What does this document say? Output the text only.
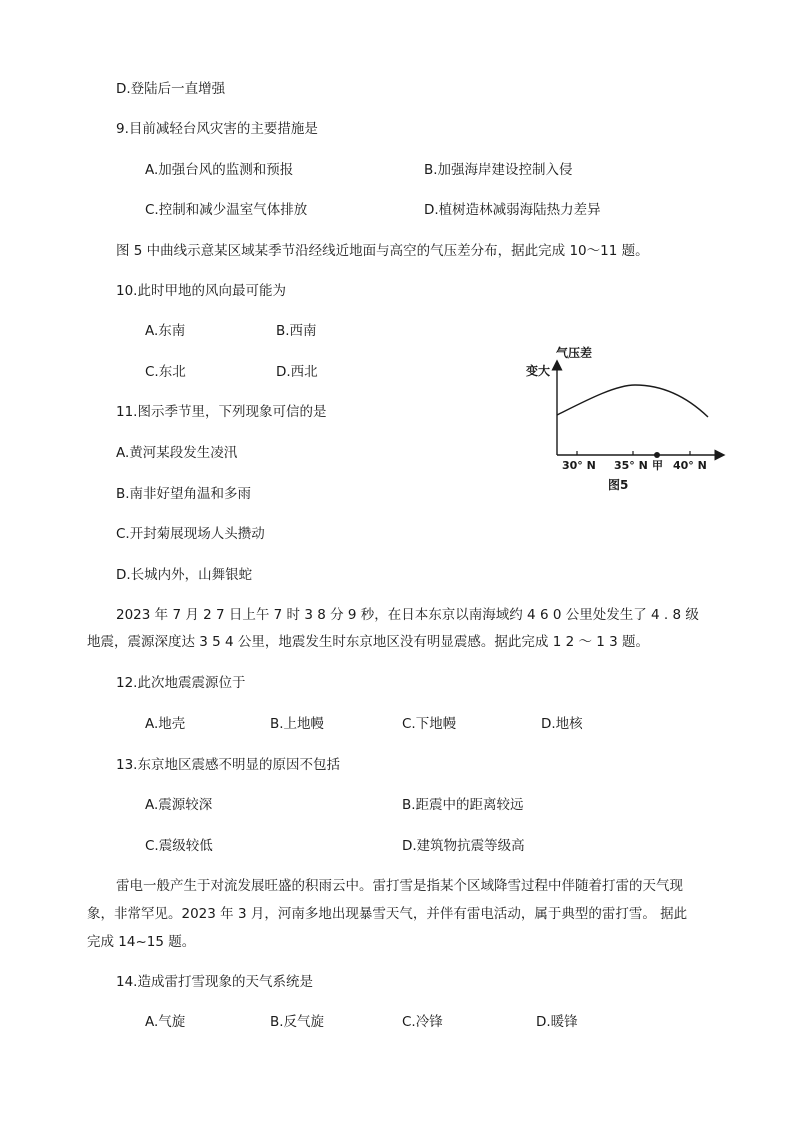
D.登陆后一直增强
9.目前减轻台风灾害的主要措施是
A.加强台风的监测和预报	B.加强海岸建设控制入侵
C.控制和减少温室气体排放	D.植树造林减弱海陆热力差异
图 5 中曲线示意某区域某季节沿经线近地面与高空的气压差分布，据此完成 10～11 题。
10.此时甲地的风向最可能为
A.东南	B.西南
C.东北	D.西北
11.图示季节里，下列现象可信的是
A.黄河某段发生凌汛
B.南非好望角温和多雨
C.开封菊展现场人头攒动
D.长城内外，山舞银蛇
气压差
变大
30° N 35° N 甲 40° N
图5
2023 年 7 月 2 7 日上午 7 时 3 8 分 9 秒，在日本东京以南海域约 4 6 0 公里处发生了 4 . 8 级
地震，震源深度达 3 5 4 公里，地震发生时东京地区没有明显震感。据此完成 1 2 ～ 1 3 题。
12.此次地震震源位于
A.地壳	B.上地幔	C.下地幔	D.地核
13.东京地区震感不明显的原因不包括
A.震源较深	B.距震中的距离较远
C.震级较低	D.建筑物抗震等级高
雷电一般产生于对流发展旺盛的积雨云中。雷打雪是指某个区域降雪过程中伴随着打雷的天气现
象，非常罕见。2023 年 3 月，河南多地出现暴雪天气，并伴有雷电活动，属于典型的雷打雪。 据此
完成 14~15 题。
14.造成雷打雪现象的天气系统是
A.气旋	B.反气旋	C.冷锋	D.暖锋
